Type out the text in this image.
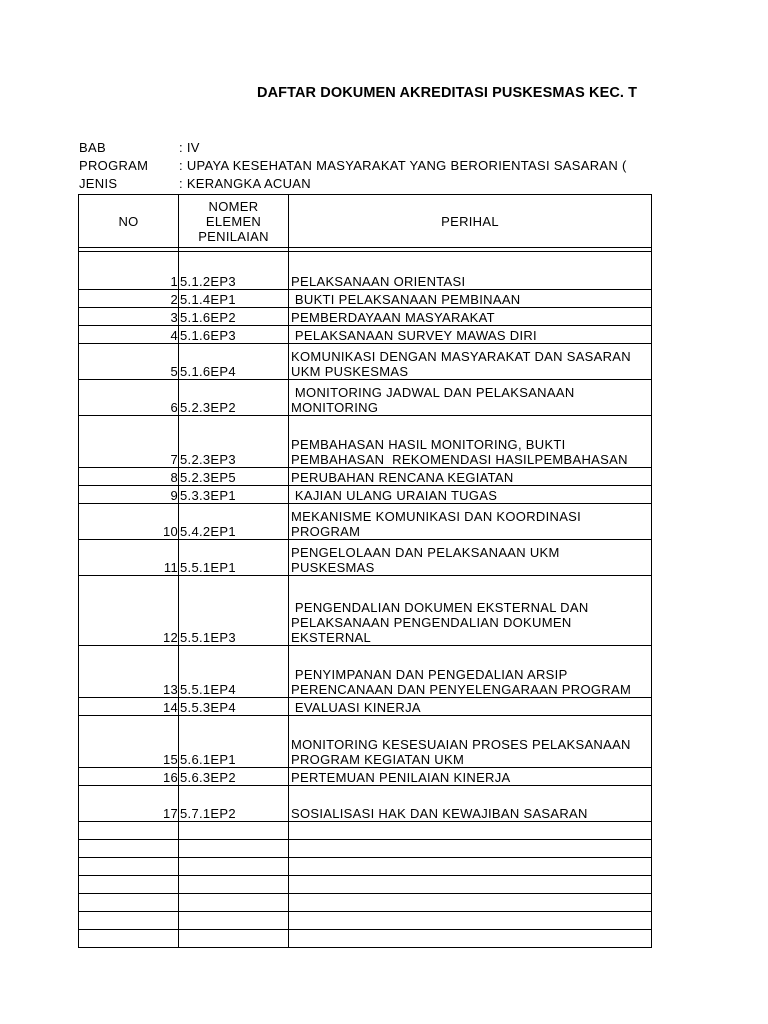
DAFTAR DOKUMEN AKREDITASI PUSKESMAS KEC. T
BAB	: IV
PROGRAM : UPAYA KESEHATAN MASYARAKAT YANG BERORIENTASI SASARAN (
JENIS	: KERANGKA ACUAN
NO	NOMER
ELEMEN
PENILAIAN	PERIHAL

1	5.1.2EP3	PELAKSANAAN ORIENTASI
2	5.1.4EP1	BUKTI PELAKSANAAN PEMBINAAN
3	5.1.6EP2	PEMBERDAYAAN MASYARAKAT
4	5.1.6EP3	PELAKSANAAN SURVEY MAWAS DIRI
5	5.1.6EP4	KOMUNIKASI DENGAN MASYARAKAT DAN SASARAN
UKM PUSKESMAS
6	5.2.3EP2	MONITORING JADWAL DAN PELAKSANAAN
MONITORING
7	5.2.3EP3	PEMBAHASAN HASIL MONITORING, BUKTI
PEMBAHASAN  REKOMENDASI HASILPEMBAHASAN
8	5.2.3EP5	PERUBAHAN RENCANA KEGIATAN
9	5.3.3EP1	KAJIAN ULANG URAIAN TUGAS
10	5.4.2EP1	MEKANISME KOMUNIKASI DAN KOORDINASI
PROGRAM
11	5.5.1EP1	PENGELOLAAN DAN PELAKSANAAN UKM
PUSKESMAS
12	5.5.1EP3	PENGENDALIAN DOKUMEN EKSTERNAL DAN
PELAKSANAAN PENGENDALIAN DOKUMEN
EKSTERNAL
13	5.5.1EP4	PENYIMPANAN DAN PENGEDALIAN ARSIP
PERENCANAAN DAN PENYELENGARAAN PROGRAM
14	5.5.3EP4	EVALUASI KINERJA
15	5.6.1EP1	MONITORING KESESUAIAN PROSES PELAKSANAAN
PROGRAM KEGIATAN UKM
16	5.6.3EP2	PERTEMUAN PENILAIAN KINERJA
17	5.7.1EP2	SOSIALISASI HAK DAN KEWAJIBAN SASARAN
